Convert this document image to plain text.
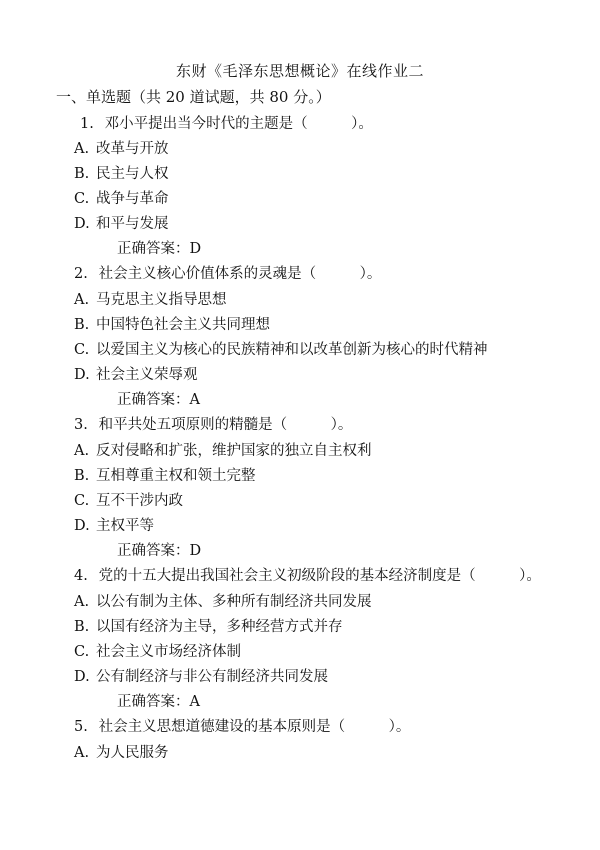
东财《毛泽东思想概论》在线作业二
一、单选题（共 20 道试题，共 80 分。）
1. 邓小平提出当今时代的主题是（　　　）。
A. 改革与开放
B. 民主与人权
C. 战争与革命
D. 和平与发展
正确答案：D
2. 社会主义核心价值体系的灵魂是（　　　）。
A. 马克思主义指导思想
B. 中国特色社会主义共同理想
C. 以爱国主义为核心的民族精神和以改革创新为核心的时代精神
D. 社会主义荣辱观
正确答案：A
3. 和平共处五项原则的精髓是（　　　）。
A. 反对侵略和扩张，维护国家的独立自主权利
B. 互相尊重主权和领土完整
C. 互不干涉内政
D. 主权平等
正确答案：D
4. 党的十五大提出我国社会主义初级阶段的基本经济制度是（　　　）。
A. 以公有制为主体、多种所有制经济共同发展
B. 以国有经济为主导，多种经营方式并存
C. 社会主义市场经济体制
D. 公有制经济与非公有制经济共同发展
正确答案：A
5. 社会主义思想道德建设的基本原则是（　　　）。
A. 为人民服务
